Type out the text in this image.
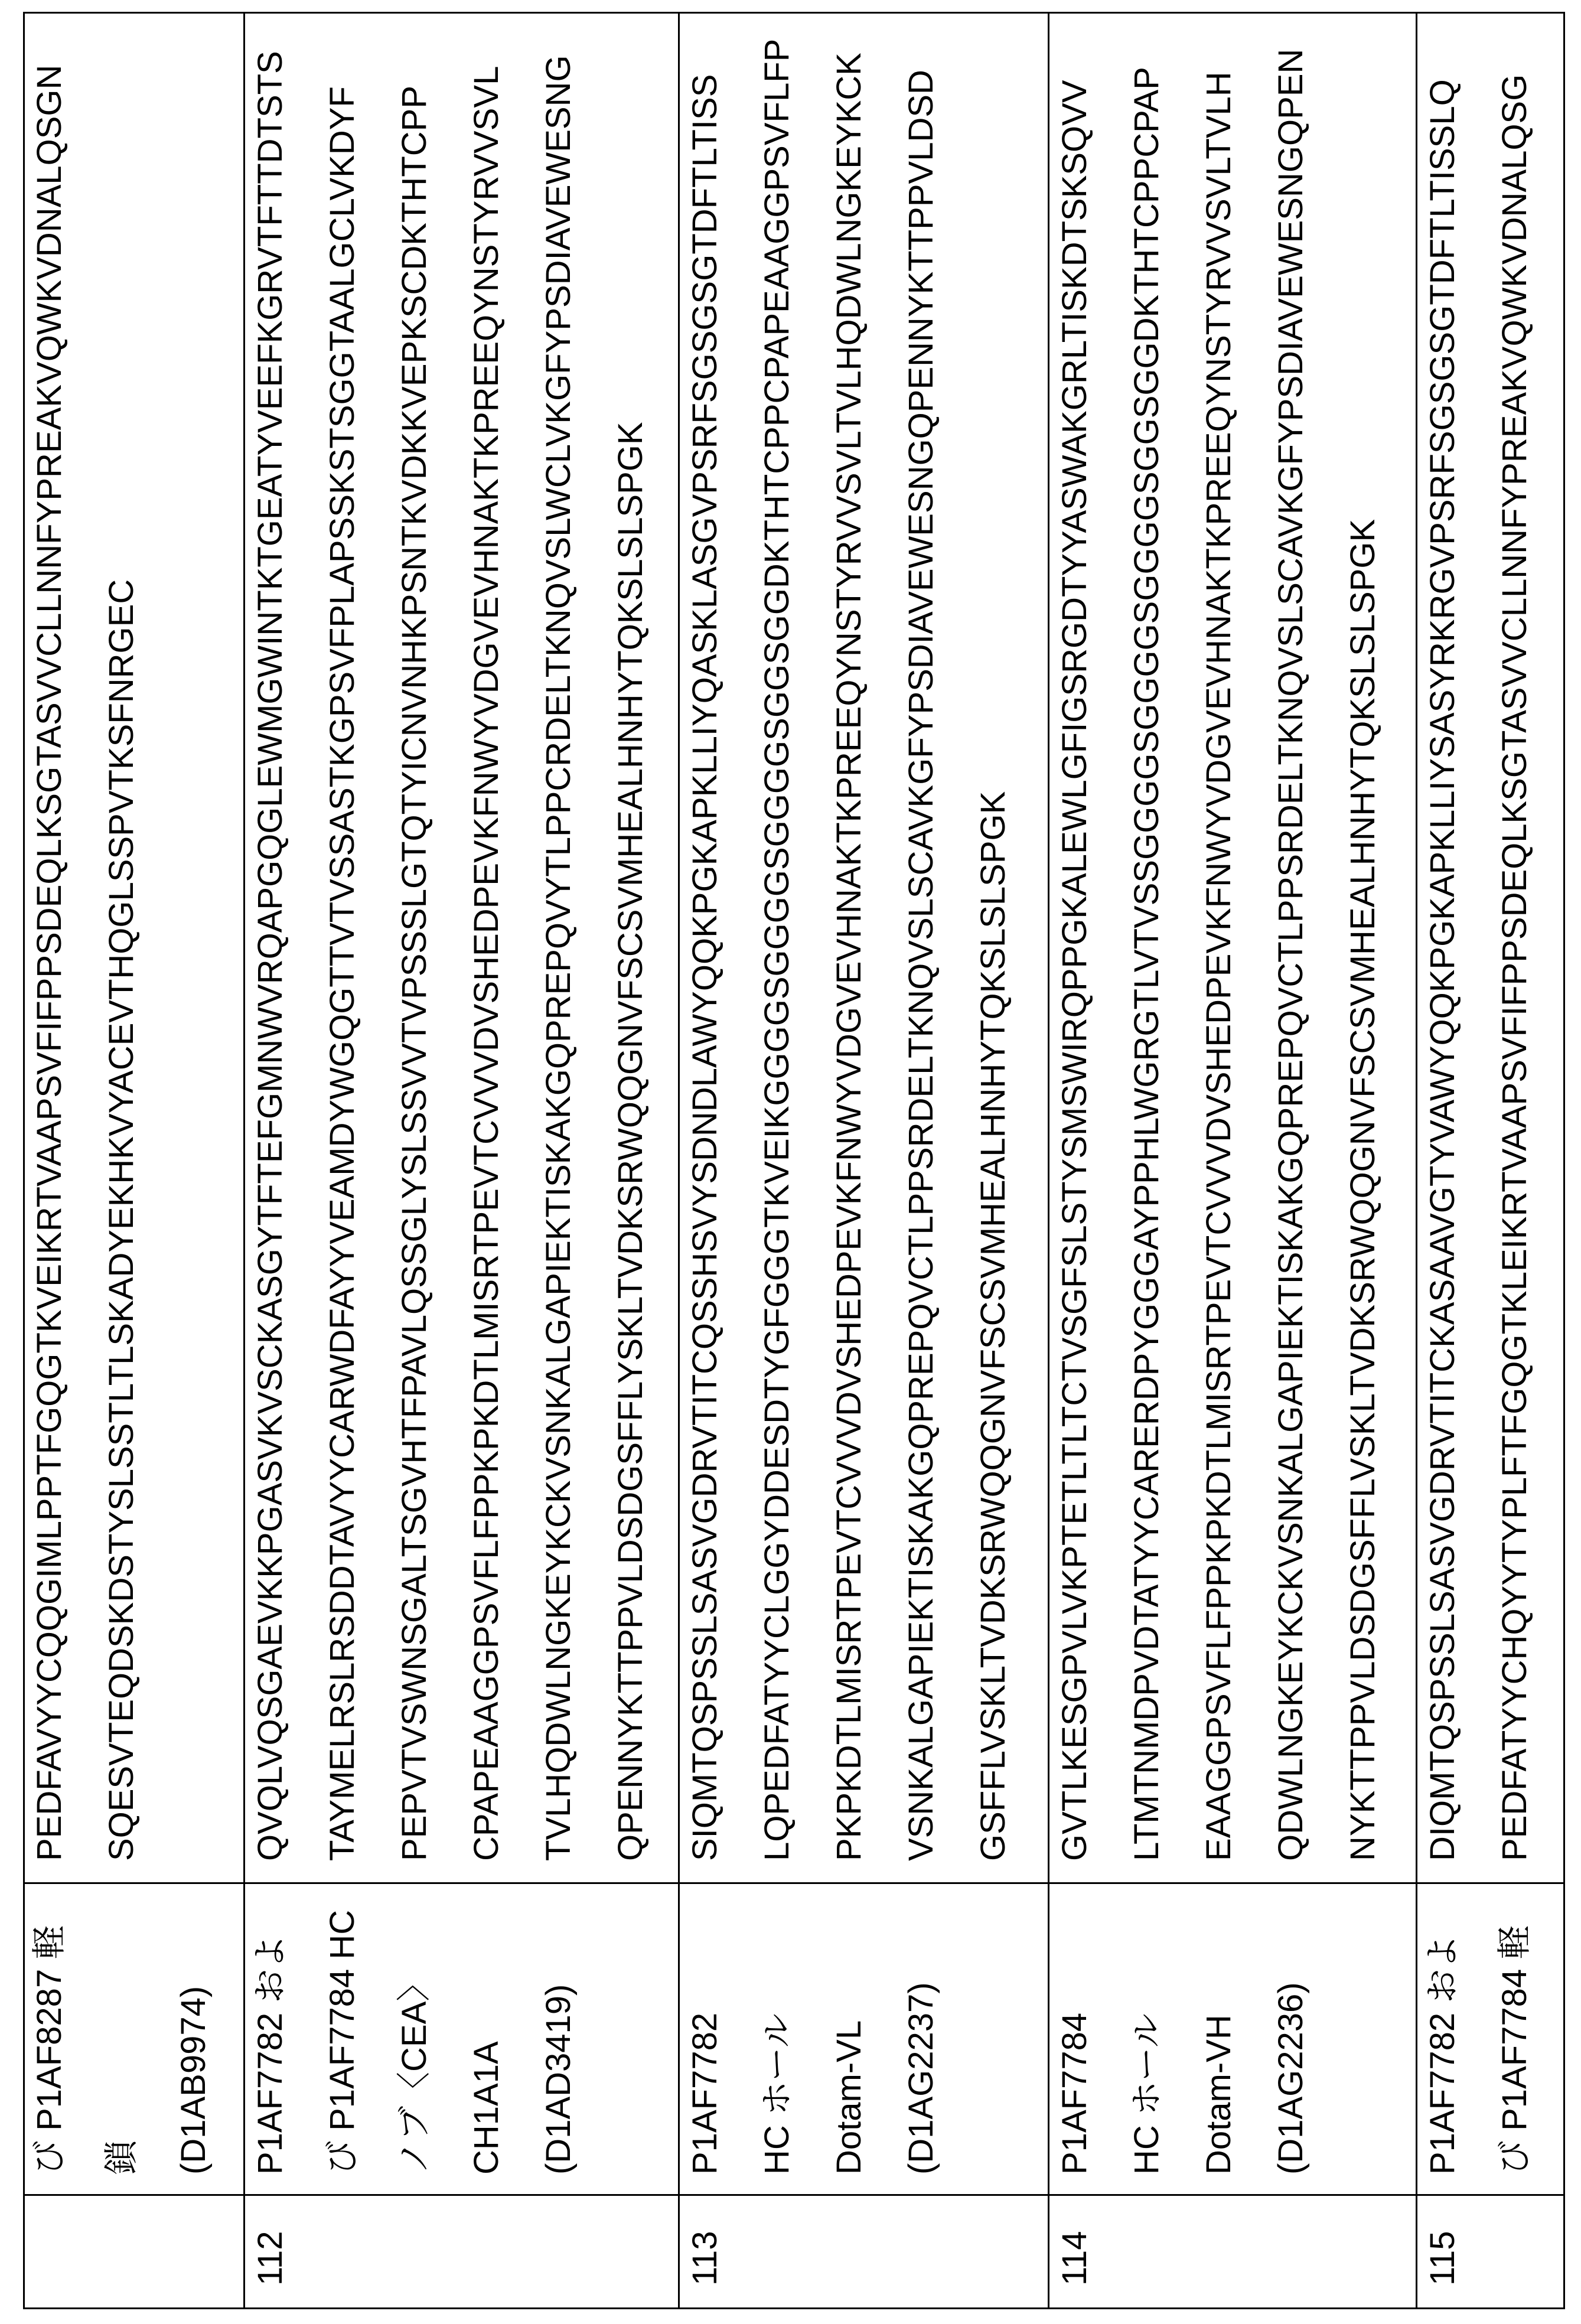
び P1AF8287 軽 鎖 (D1AB9974)
PEDFAVYYCQQGIMLPPTFGQGTKVEIKRTVAAPSVFIFPPSDEQLKSGTASVVCLLNNFYPREAKVQWKVDNALQSGN SQESVTEQDSKDSTYSLSSTLTLSKADYEKHKVYACEVTHQGLSSPVTKSFNRGEC
112
P1AF7782 およ び P1AF7784 HC ノブ〈CEA〉 CH1A1A (D1AD3419)
QVQLVQSGAEVKKPGASVKVSCKASGYTFTEFGMNWVRQAPGQGLEWMGWINTKTGEATYVEEFKGRVTFTTDTSTS TAYMELRSLRSDDTAVYYCARWDFAYYVEAMDYWGQGTTVTVSSASTKGPSVFPLAPSSKSTSGGTAALGCLVKDYF PEPVTVSWNSGALTSGVHTFPAVLQSSGLYSLSSVVTVPSSSLGTQTYICNVNHKPSNTKVDKKVEPKSCDKTHTCPP CPAPEAAGGPSVFLFPPKPKDTLMISRTPEVTCVVVDVSHEDPEVKFNWYVDGVEVHNAKTKPREEQYNSTYRVVSVL TVLHQDWLNGKEYKCKVSNKALGAPIEKTISKAKGQPREPQVYTLPPCRDELTKNQVSLWCLVKGFYPSDIAVEWESNG QPENNYKTTPPVLDSDGSFFLYSKLTVDKSRWQQGNVFSCSVMHEALHNHYTQKSLSLSPGK
113
P1AF7782 HC ホール Dotam-VL (D1AG2237)
SIQMTQSPSSLSASVGDRVTITCQSSHSVYSDNDLAWYQQKPGKAPKLLIYQASKLASGVPSRFSGSGSGTDFTLTISS LQPEDFATYYCLGGYDDESDTYGFGGGTKVEIKGGGGSGGGGSGGGGSGGSGGDKTHTCPPCPAPEAAGGPSVFLFP PKPKDTLMISRTPEVTCVVVDVSHEDPEVKFNWYVDGVEVHNAKTKPREEQYNSTYRVVSVLTVLHQDWLNGKEYKCK VSNKALGAPIEKTISKAKGQPREPQVCTLPPSRDELTKNQVSLSCAVKGFYPSDIAVEWESNGQPENNYKTTPPVLDSD GSFFLVSKLTVDKSRWQQGNVFSCSVMHEALHNHYTQKSLSLSPGK
114
P1AF7784 HC ホール Dotam-VH (D1AG2236)
GVTLKESGPVLVKPTETLTLTCTVSGFSLSTYSMSWIRQPPGKALEWLGFIGSRGDTYYASWAKGRLTISKDTSKSQVV LTMTNMDPVDTATYYCARERDPYGGGAYPPHLWGRGTLVTVSSGGGGSGGGGSGGGGSGGSGGDKTHTCPPCPAP EAAGGPSVFLFPPKPKDTLMISRTPEVTCVVVDVSHEDPEVKFNWYVDGVEVHNAKTKPREEQYNSTYRVVSVLTVLH QDWLNGKEYKCKVSNKALGAPIEKTISKAKGQPREPQVCTLPPSRDELTKNQVSLSCAVKGFYPSDIAVEWESNGQPEN NYKTTPPVLDSDGSFFLVSKLTVDKSRWQQGNVFSCSVMHEALHNHYTQKSLSLSPGK
115
P1AF7782 およ び P1AF7784 軽
DIQMTQSPSSLSASVGDRVTITCKASAAVGTYVAWYQQKPGKAPKLLIYSASYRKRGVPSRFSGSGSGTDFTLTISSLQ PEDFATYYCHQYYTYPLFTFGQGTKLEIKRTVAAPSVFIFPPSDEQLKSGTASVVCLLNNFYPREAKVQWKVDNALQSG
